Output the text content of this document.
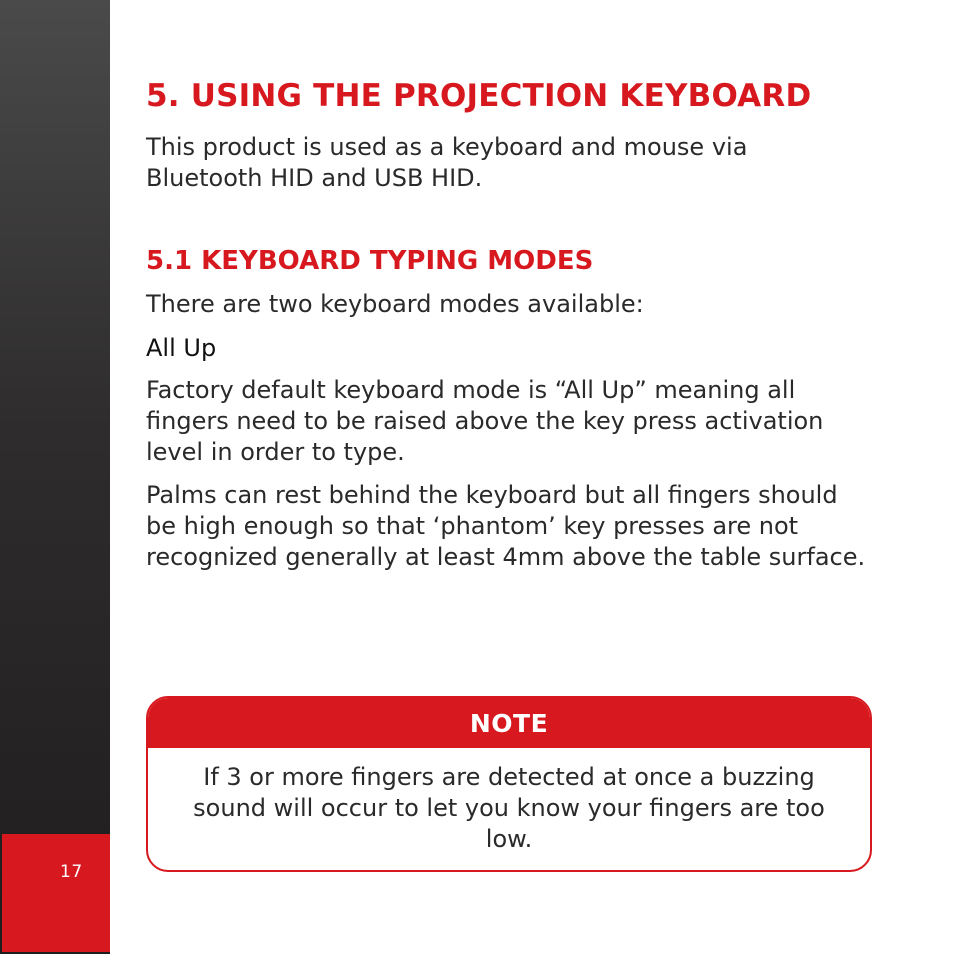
17
5. USING THE PROJECTION KEYBOARD

This product is used as a keyboard and mouse via Bluetooth HID and USB HID.

5.1 KEYBOARD TYPING MODES

There are two keyboard modes available:

All Up

Factory default keyboard mode is “All Up” meaning all fingers need to be raised above the key press activation level in order to type.

Palms can rest behind the keyboard but all fingers should be high enough so that ‘phantom’ key presses are not recognized generally at least 4mm above the table surface.

NOTE
If 3 or more fingers are detected at once a buzzing sound will occur to let you know your fingers are too low.
